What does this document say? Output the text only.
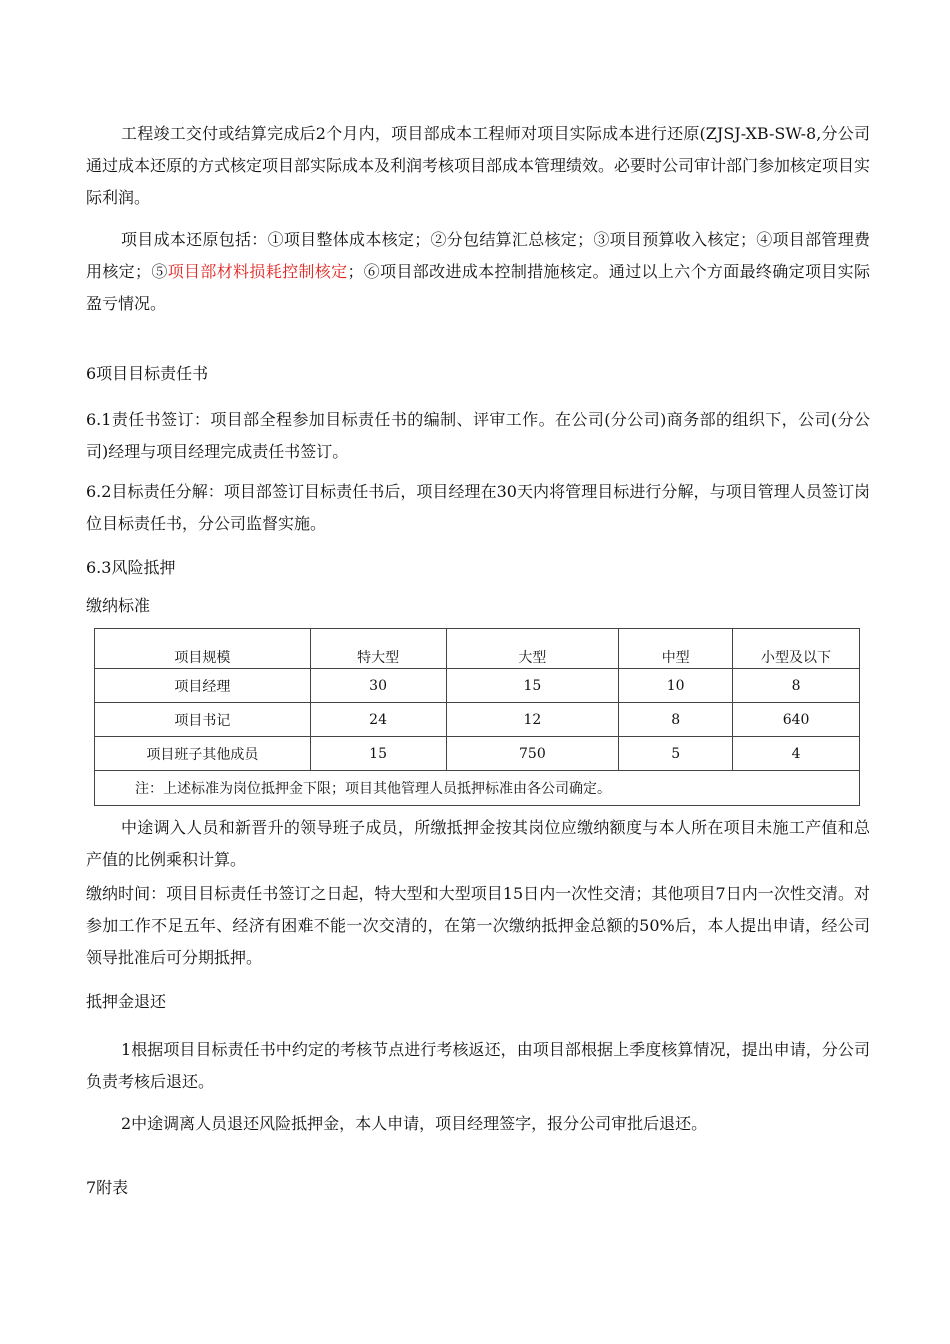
工程竣工交付或结算完成后2个月内，项目部成本工程师对项目实际成本进行还原(ZJSJ-XB-SW-8,分公司通过成本还原的方式核定项目部实际成本及利润考核项目部成本管理绩效。必要时公司审计部门参加核定项目实际利润。

项目成本还原包括：①项目整体成本核定；②分包结算汇总核定；③项目预算收入核定；④项目部管理费用核定；⑤项目部材料损耗控制核定；⑥项目部改进成本控制措施核定。通过以上六个方面最终确定项目实际盈亏情况。

6项目目标责任书

6.1责任书签订：项目部全程参加目标责任书的编制、评审工作。在公司(分公司)商务部的组织下，公司(分公司)经理与项目经理完成责任书签订。

6.2目标责任分解：项目部签订目标责任书后，项目经理在30天内将管理目标进行分解，与项目管理人员签订岗位目标责任书，分公司监督实施。

6.3风险抵押
缴纳标准
项目规模	特大型	大型	中型	小型及以下
项目经理	30	15	10	8
项目书记	24	12	8	640
项目班子其他成员	15	750	5	4
注：上述标准为岗位抵押金下限；项目其他管理人员抵押标准由各公司确定。				

中途调入人员和新晋升的领导班子成员，所缴抵押金按其岗位应缴纳额度与本人所在项目未施工产值和总产值的比例乘积计算。

缴纳时间：项目目标责任书签订之日起，特大型和大型项目15日内一次性交清；其他项目7日内一次性交清。对参加工作不足五年、经济有困难不能一次交清的，在第一次缴纳抵押金总额的50%后，本人提出申请，经公司领导批准后可分期抵押。

抵押金退还

1根据项目目标责任书中约定的考核节点进行考核返还，由项目部根据上季度核算情况，提出申请，分公司负责考核后退还。

2中途调离人员退还风险抵押金，本人申请，项目经理签字，报分公司审批后退还。

7附表
